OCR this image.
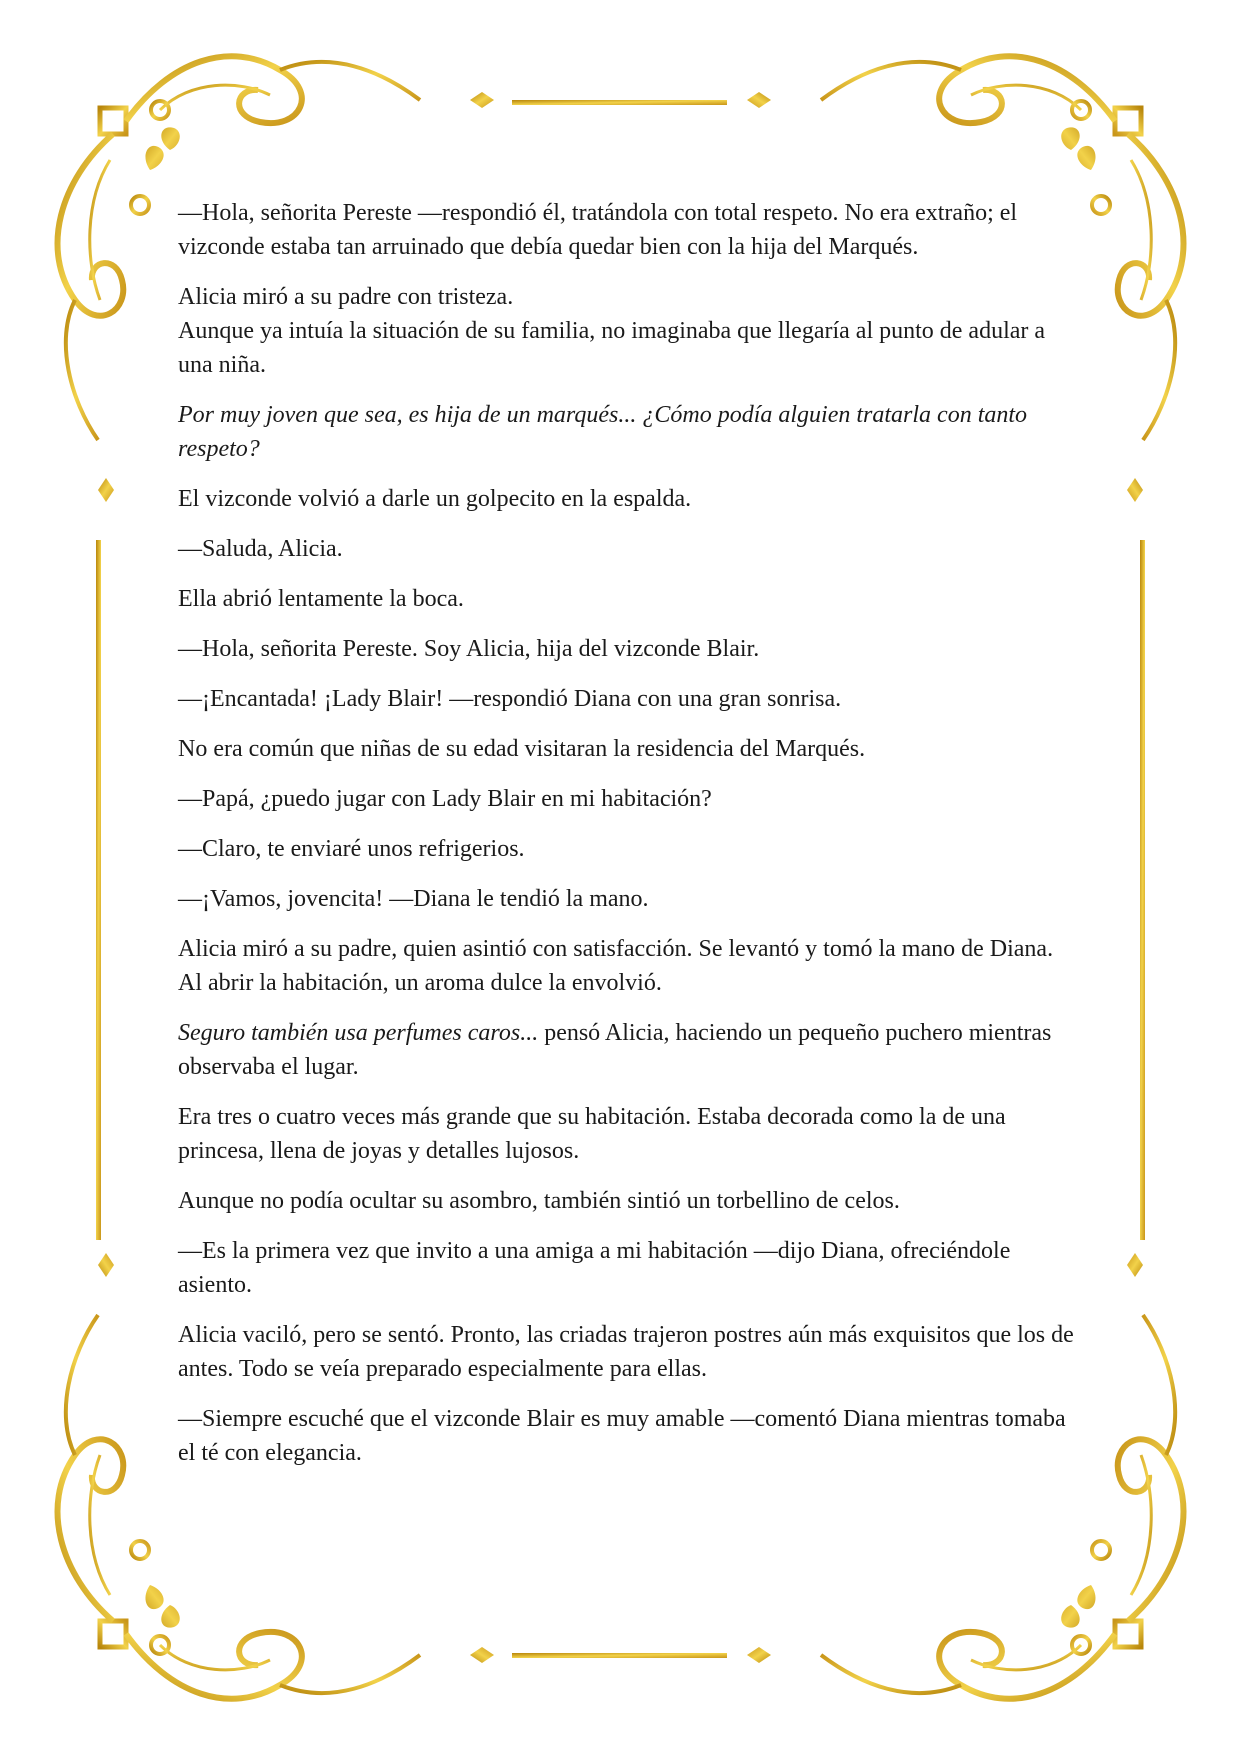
—Hola, señorita Pereste —respondió él, tratándola con total respeto. No era extraño; el vizconde estaba tan arruinado que debía quedar bien con la hija del Marqués.

Alicia miró a su padre con tristeza.
Aunque ya intuía la situación de su familia, no imaginaba que llegaría al punto de adular a una niña.

Por muy joven que sea, es hija de un marqués... ¿Cómo podía alguien tratarla con tanto respeto?

El vizconde volvió a darle un golpecito en la espalda.

—Saluda, Alicia.

Ella abrió lentamente la boca.

—Hola, señorita Pereste. Soy Alicia, hija del vizconde Blair.

—¡Encantada! ¡Lady Blair! —respondió Diana con una gran sonrisa.

No era común que niñas de su edad visitaran la residencia del Marqués.

—Papá, ¿puedo jugar con Lady Blair en mi habitación?

—Claro, te enviaré unos refrigerios.

—¡Vamos, jovencita! —Diana le tendió la mano.

Alicia miró a su padre, quien asintió con satisfacción. Se levantó y tomó la mano de Diana.
Al abrir la habitación, un aroma dulce la envolvió.

Seguro también usa perfumes caros... pensó Alicia, haciendo un pequeño puchero mientras observaba el lugar.

Era tres o cuatro veces más grande que su habitación. Estaba decorada como la de una princesa, llena de joyas y detalles lujosos.

Aunque no podía ocultar su asombro, también sintió un torbellino de celos.

—Es la primera vez que invito a una amiga a mi habitación —dijo Diana, ofreciéndole asiento.

Alicia vaciló, pero se sentó. Pronto, las criadas trajeron postres aún más exquisitos que los de antes. Todo se veía preparado especialmente para ellas.

—Siempre escuché que el vizconde Blair es muy amable —comentó Diana mientras tomaba el té con elegancia.
